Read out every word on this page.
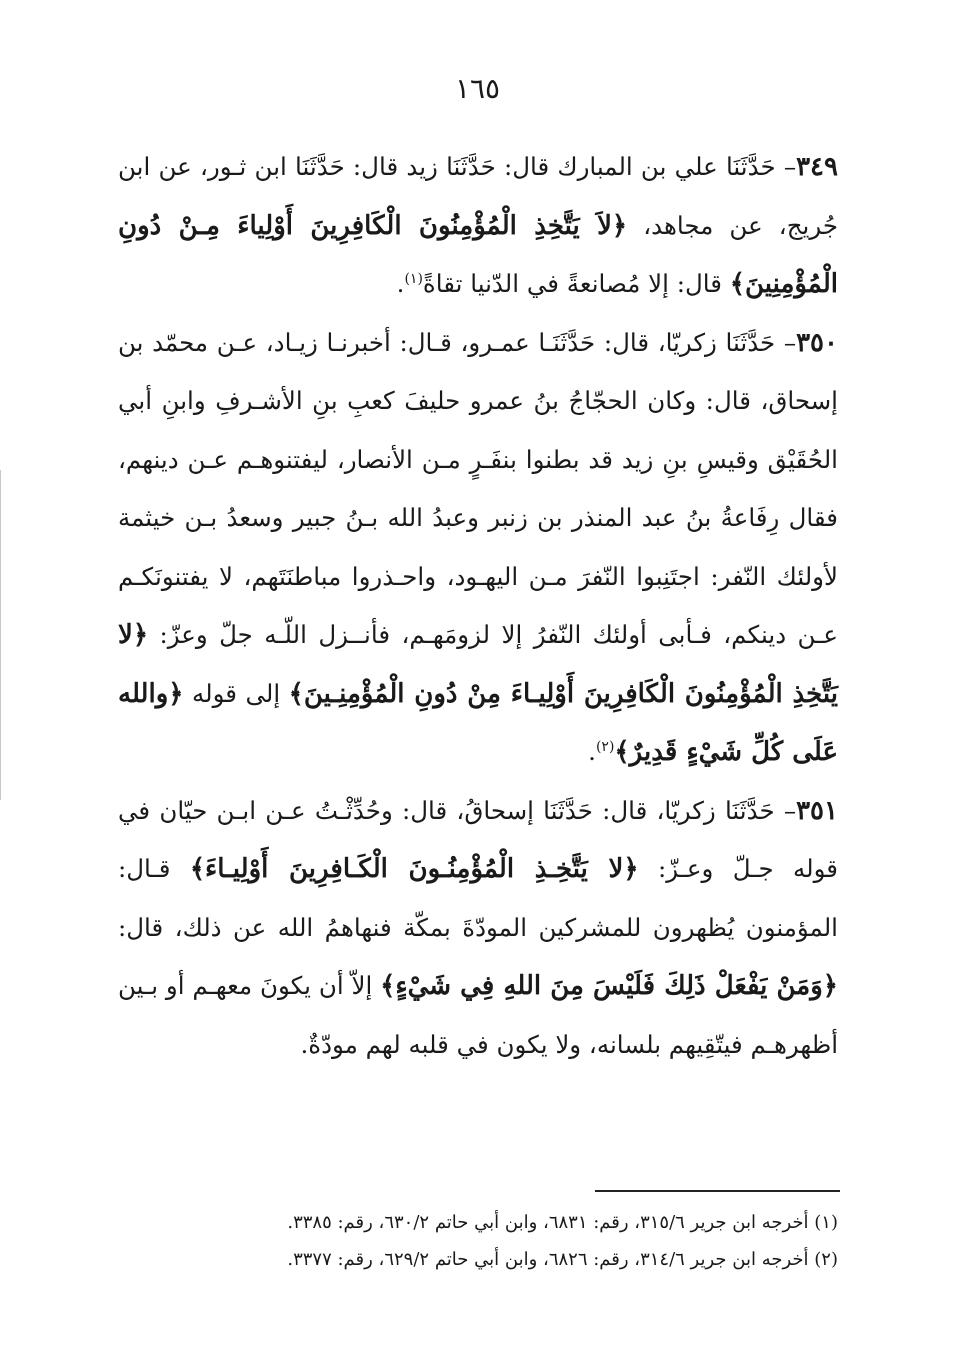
١٦٥

٣٤٩– حَدَّثَنَا علي بن المبارك قال: حَدَّثَنَا زيد قال: حَدَّثَنَا ابن ثـور، عن ابن جُريج، عن مجاهد، ﴿لاَ يَتَّخِذِ الْمُؤْمِنُونَ الْكَافِرِينَ أَوْلِياءَ مِـنْ دُونِ الْمُؤْمِنِينَ﴾ قال: إلا مُصانعةً في الدّنيا تقاةً$^{(١)}$.

٣٥٠– حَدَّثَنَا زكريّا، قال: حَدَّثَنَـا عمـرو، قـال: أخبرنـا زيـاد، عـن محمّد بن إسحاق، قال: وكان الحجّاجُ بنُ عمرو حليفَ كعبِ بنِ الأشـرفِ وابنِ أبي الحُقَيْق وقيسِ بنِ زيد قد بطنوا بنفَـرٍ مـن الأنصار، ليفتنوهـم عـن دينهم، فقال رِفَاعةُ بنُ عبد المنذر بن زنبر وعبدُ الله بـنُ جبير وسعدُ بـن خيثمة لأولئك النّفر: اجتَنِبوا النّفرَ مـن اليهـود، واحـذروا مباطنَتَهم، لا يفتنونَكـم عـن دينكم، فـأبى أولئك النّفرُ إلا لزومَهـم، فأنــزل اللّـه جلّ وعزّ: ﴿لا يَتَّخِذِ الْمُؤْمِنُونَ الْكَافِرِينَ أَوْلِيـاءَ مِنْ دُونِ الْمُؤْمِنِـينَ﴾ إلى قوله ﴿والله عَلَى كُلِّ شَيْءٍ قَدِيرٌ﴾$^{(٢)}$.

٣٥١– حَدَّثَنَا زكريّا، قال: حَدَّثَنَا إسحاقُ، قال: وحُدِّثْـتُ عـن ابـن حيّان في قوله جـلّ وعـزّ: ﴿لا يَتَّخِـذِ الْمُؤْمِنُـونَ الْكَـافِرِينَ أَوْلِيـاءَ﴾ قـال: المؤمنون يُظهرون للمشركين المودّةَ بمكّة فنهاهمُ الله عن ذلك، قال: ﴿وَمَنْ يَفْعَلْ ذَلِكَ فَلَيْسَ مِنَ اللهِ فِي شَيْءٍ﴾ إلاّ أن يكونَ معهـم أو بـين أظهرهـم فيتّقِيهم بلسانه، ولا يكون في قلبه لهم مودّةٌ.

(١) أخرجه ابن جرير ٣١٥/٦، رقم: ٦٨٣١، وابن أبي حاتم ٦٣٠/٢، رقم: ٣٣٨٥.

(٢) أخرجه ابن جرير ٣١٤/٦، رقم: ٦٨٢٦، وابن أبي حاتم ٦٢٩/٢، رقم: ٣٣٧٧.
